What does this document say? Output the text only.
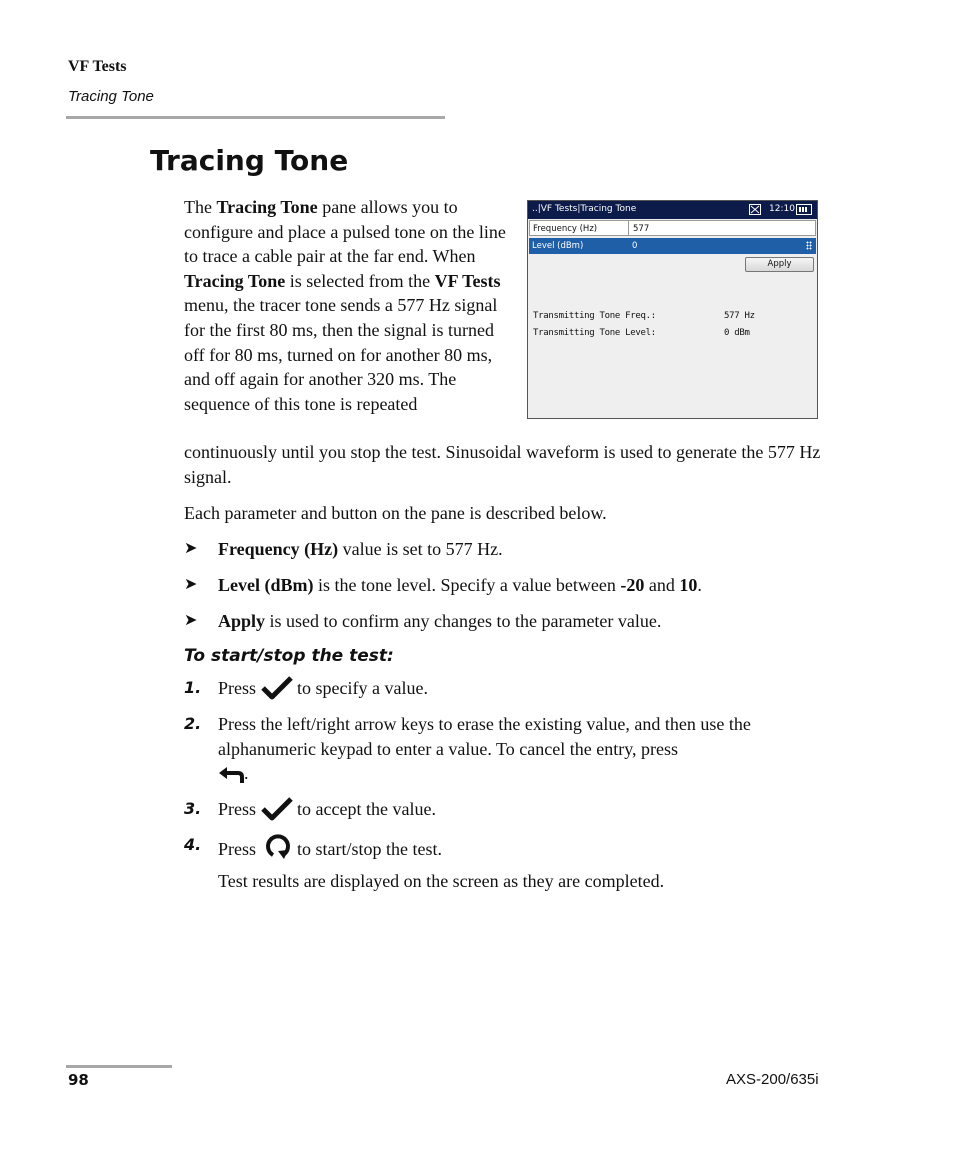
VF Tests
Tracing Tone
Tracing Tone
The Tracing Tone pane allows you to configure and place a pulsed tone on the line to trace a cable pair at the far end. When Tracing Tone is selected from the VF Tests menu, the tracer tone sends a 577 Hz signal for the first 80 ms, then the signal is turned off for 80 ms, turned on for another 80 ms, and off again for another 320 ms. The sequence of this tone is repeated
continuously until you stop the test. Sinusoidal waveform is used to generate the 577 Hz signal.
..|VF Tests|Tracing Tone	12:10
Frequency (Hz)	577
Level (dBm)	0
Apply
Transmitting Tone Freq.:	577 Hz
Transmitting Tone Level:	0 dBm
Each parameter and button on the pane is described below.
➤ Frequency (Hz) value is set to 577 Hz.
➤ Level (dBm) is the tone level. Specify a value between -20 and 10.
➤ Apply is used to confirm any changes to the parameter value.
To start/stop the test:
1. Press  to specify a value.
2. Press the left/right arrow keys to erase the existing value, and then use the alphanumeric keypad to enter a value. To cancel the entry, press
.
3. Press  to accept the value.
4. Press  to start/stop the test.
Test results are displayed on the screen as they are completed.
98	AXS-200/635i
